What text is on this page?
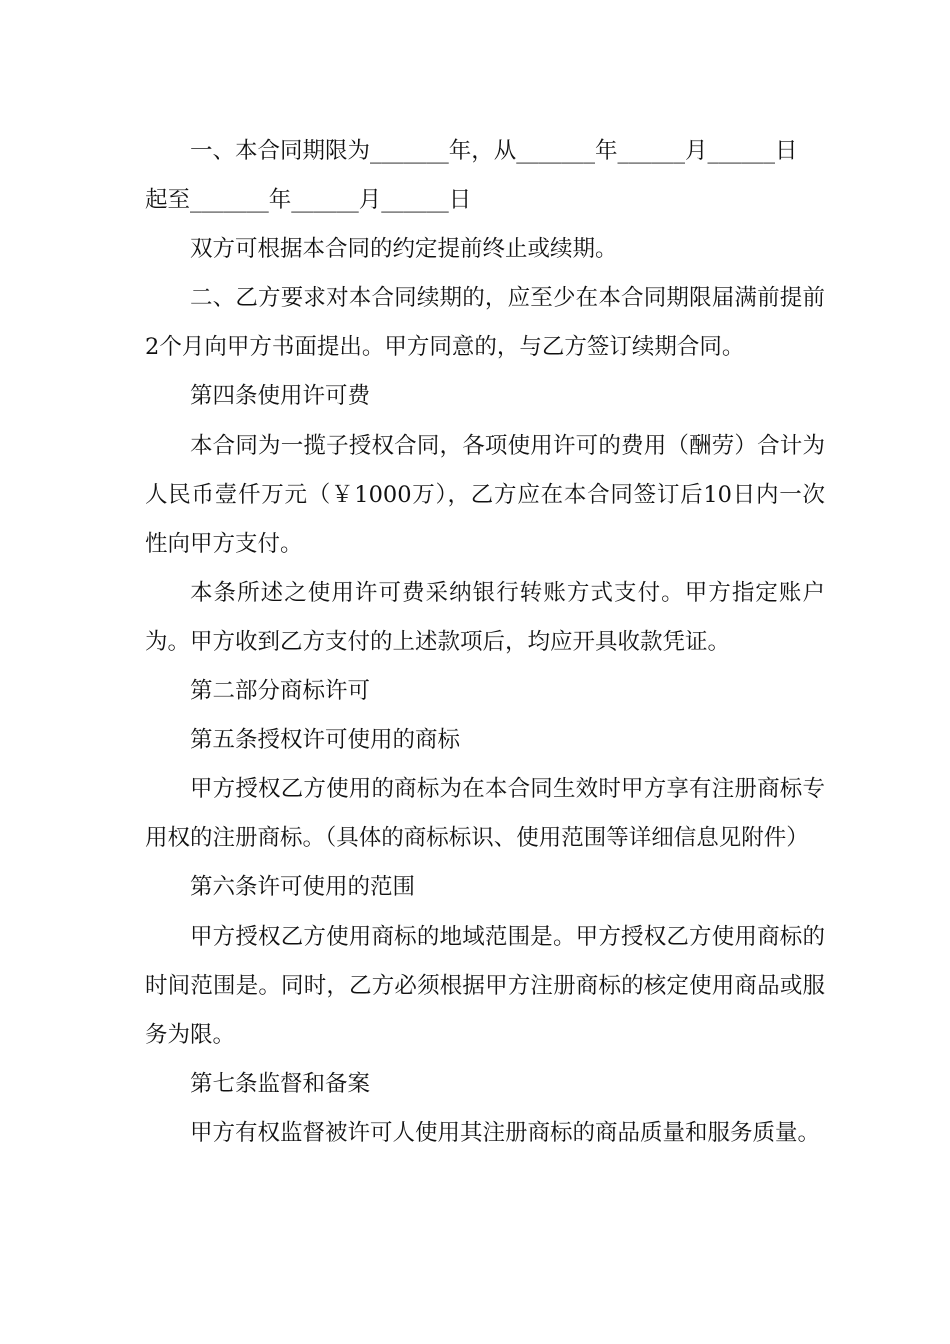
一、本合同期限为_______年，从_______年______月______日

起至_______年______月______日

双方可根据本合同的约定提前终止或续期。

二、乙方要求对本合同续期的，应至少在本合同期限届满前提前2个月向甲方书面提出。甲方同意的，与乙方签订续期合同。

第四条使用许可费

本合同为一揽子授权合同，各项使用许可的费用（酬劳）合计为人民币壹仟万元（￥1000万），乙方应在本合同签订后10日内一次性向甲方支付。

本条所述之使用许可费采纳银行转账方式支付。甲方指定账户为。甲方收到乙方支付的上述款项后，均应开具收款凭证。

第二部分商标许可

第五条授权许可使用的商标

甲方授权乙方使用的商标为在本合同生效时甲方享有注册商标专用权的注册商标。（具体的商标标识、使用范围等详细信息见附件）

第六条许可使用的范围

甲方授权乙方使用商标的地域范围是。甲方授权乙方使用商标的时间范围是。同时，乙方必须根据甲方注册商标的核定使用商品或服务为限。

第七条监督和备案

甲方有权监督被许可人使用其注册商标的商品质量和服务质量。
